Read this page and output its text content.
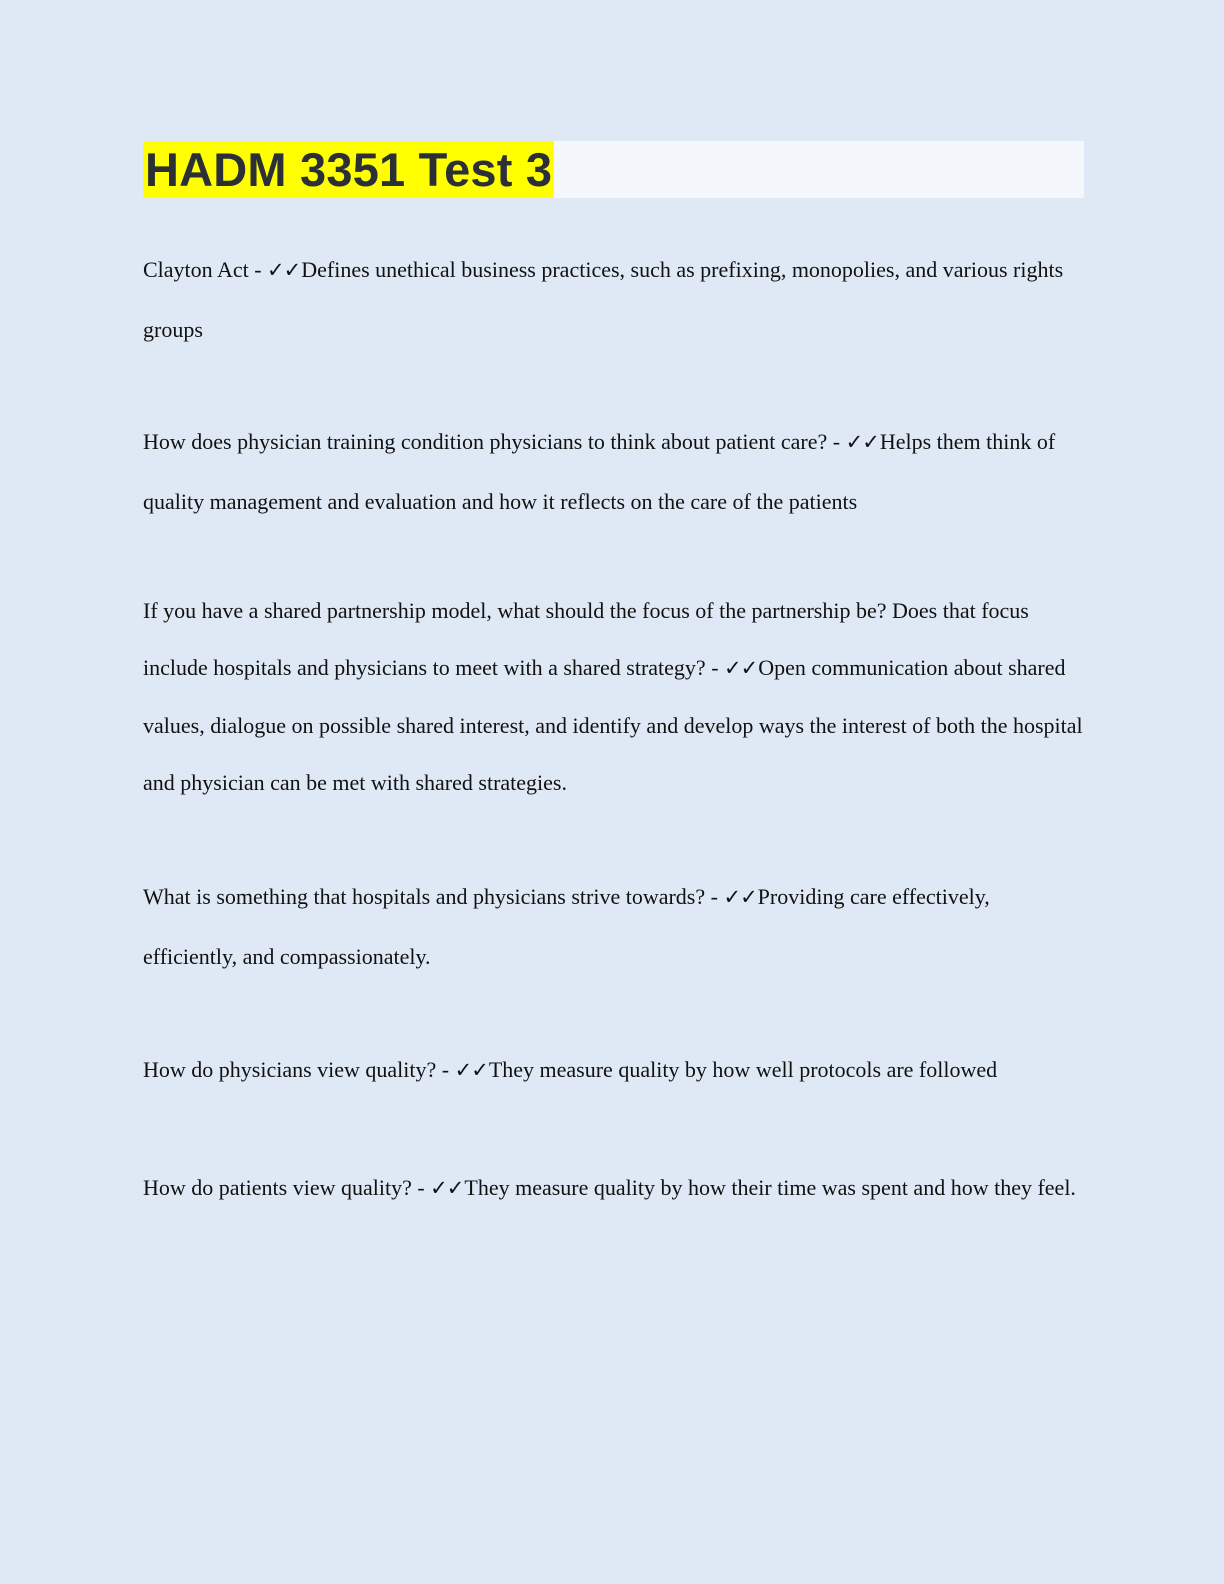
HADM 3351 Test 3

Clayton Act - ✓✓Defines unethical business practices, such as prefixing, monopolies, and various rights groups

How does physician training condition physicians to think about patient care? - ✓✓Helps them think of quality management and evaluation and how it reflects on the care of the patients

If you have a shared partnership model, what should the focus of the partnership be? Does that focus include hospitals and physicians to meet with a shared strategy? - ✓✓Open communication about shared values, dialogue on possible shared interest, and identify and develop ways the interest of both the hospital and physician can be met with shared strategies.

What is something that hospitals and physicians strive towards? - ✓✓Providing care effectively, efficiently, and compassionately.

How do physicians view quality? - ✓✓They measure quality by how well protocols are followed

How do patients view quality? - ✓✓They measure quality by how their time was spent and how they feel.
